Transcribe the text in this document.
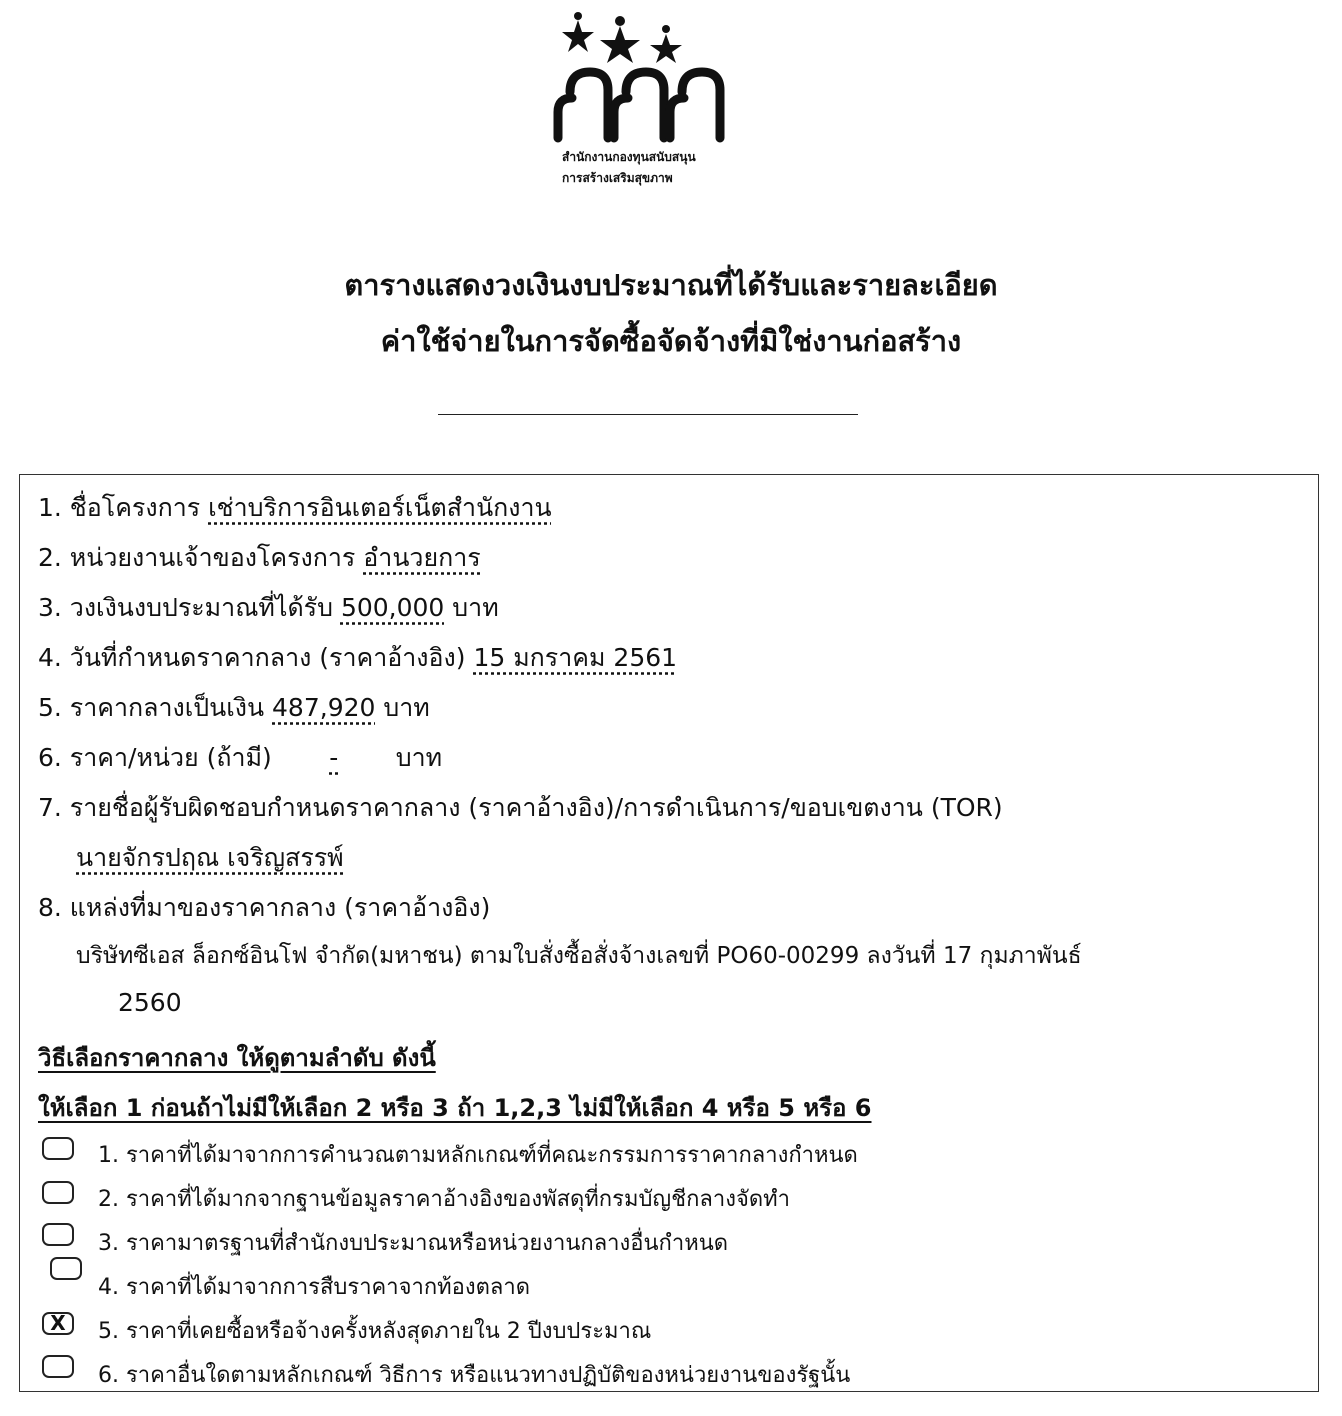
สำนักงานกองทุนสนับสนุน
การสร้างเสริมสุขภาพ
ตารางแสดงวงเงินงบประมาณที่ได้รับและรายละเอียด
ค่าใช้จ่ายในการจัดซื้อจัดจ้างที่มิใช่งานก่อสร้าง
1. ชื่อโครงการ เช่าบริการอินเตอร์เน็ตสำนักงาน
2. หน่วยงานเจ้าของโครงการ อำนวยการ
3. วงเงินงบประมาณที่ได้รับ 500,000 บาท
4. วันที่กำหนดราคากลาง (ราคาอ้างอิง) 15 มกราคม 2561
5. ราคากลางเป็นเงิน 487,920 บาท
6. ราคา/หน่วย (ถ้ามี) - บาท
7. รายชื่อผู้รับผิดชอบกำหนดราคากลาง (ราคาอ้างอิง)/การดำเนินการ/ขอบเขตงาน (TOR)
นายจักรปฤณ เจริญสรรพ์
8. แหล่งที่มาของราคากลาง (ราคาอ้างอิง)
บริษัทซีเอส ล็อกซ์อินโฟ จำกัด(มหาชน) ตามใบสั่งซื้อสั่งจ้างเลขที่ PO60-00299 ลงวันที่ 17 กุมภาพันธ์
2560
วิธีเลือกราคากลาง ให้ดูตามลำดับ ดังนี้
ให้เลือก 1 ก่อนถ้าไม่มีให้เลือก 2 หรือ 3 ถ้า 1,2,3 ไม่มีให้เลือก 4 หรือ 5 หรือ 6
1. ราคาที่ได้มาจากการคำนวณตามหลักเกณฑ์ที่คณะกรรมการราคากลางกำหนด
2. ราคาที่ได้มากจากฐานข้อมูลราคาอ้างอิงของพัสดุที่กรมบัญชีกลางจัดทำ
3. ราคามาตรฐานที่สำนักงบประมาณหรือหน่วยงานกลางอื่นกำหนด
4. ราคาที่ได้มาจากการสืบราคาจากท้องตลาด
X	5. ราคาที่เคยซื้อหรือจ้างครั้งหลังสุดภายใน 2 ปีงบประมาณ
6. ราคาอื่นใดตามหลักเกณฑ์ วิธีการ หรือแนวทางปฏิบัติของหน่วยงานของรัฐนั้น
